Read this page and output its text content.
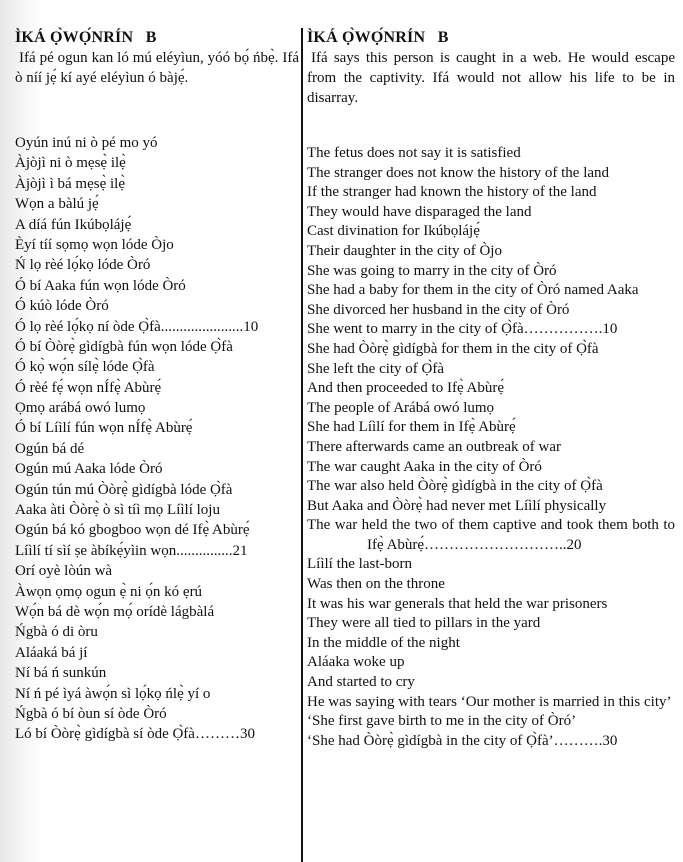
ÌKÁ Ọ̀WỌ́NRÍN   B

Ifá pé ogun kan ló mú eléyìun, yóó bọ́ ńbẹ̀. Ifá ò níí jẹ́ kí ayé eléyìun ó bàjẹ́.

ÌKÁ Ọ̀WỌ́NRÍN   B

Ifá says this person is caught in a web. He would escape from the captivity. Ifá would not allow his life to be in disarray.

Oyún inú ni ò pé mo yó
Àjòjì ni ò mẹsẹ̀ ilẹ̀
Àjòjì ì bá mẹsẹ̀ ilẹ̀
Wọn a bàlú jẹ́
A díá fún Ikúbọlájẹ́
Èyí tíí sọmọ wọn lóde Òjo
Ń lọ rèé lọ́kọ lóde Òró
Ó bí Aaka fún wọn lóde Òró
Ó kúò lóde Òró
Ó lọ rèé lọ́kọ ní òde Ọ̀fà......................10
Ó bí Òòrẹ̀ gìdígbà fún wọn lóde Ọ̀fà
Ó kọ̀ wọ́n sílẹ̀ lóde Ọ̀fà
Ó rèé fẹ́ wọn nÍfẹ̀ Abùrẹ́
Ọmọ arábá owó lumọ
Ó bí Líìlí fún wọn nÍfẹ̀ Abùrẹ́
Ogún bá dé
Ogún mú Aaka lóde Òró
Ogún tún mú Òòrẹ̀ gìdígbà lóde Ọ̀fà
Aaka àti Òòrẹ̀ ò sì tíì mọ Líìlí loju
Ogún bá kó gbogboo wọn dé Ifẹ̀ Abùrẹ́
Líìlí tí sìí ṣe àbíkẹ́yìin wọn...............21
Orí oyè lòún wà
Àwọn ọmọ ogun ẹ̀ ni ọ́n kó ẹrú
Wọ́n bá dè wọ́n mọ́ orídè lágbàlá
Ńgbà ó di òru
Aláaká bá jí
Ní bá ń sunkún
Ní ń pé ìyá àwọ́n sì lọ́kọ ńlẹ̀ yí o
Ńgbà ó bí òun sí òde Òró
Ló bí Òòrẹ̀ gìdígbà sí òde Ọ̀fà………30
The fetus does not say it is satisfied
The stranger does not know the history of the land
If the stranger had known the history of the land
They would have disparaged the land
Cast divination for Ikúbọlájẹ́
Their daughter in the city of Òjo
She was going to marry in the city of Òró
She had a baby for them in the city of Òró named Aaka
She divorced her husband in the city of Òró
She went to marry in the city of Ọ̀fà…………….10
She had Òòrẹ̀ gìdígbà for them in the city of Ọ̀fà
She left the city of Ọ̀fà
And then proceeded to Ifẹ̀ Abùrẹ́
The people of Arábá owó lumọ
She had Líìlí for them in Ifẹ̀ Abùrẹ́
There afterwards came an outbreak of war
The war caught Aaka in the city of Òró
The war also held Òòrẹ̀ gìdígbà in the city of Ọ̀fà
But Aaka and Òòrẹ̀ had never met Líìlí physically
The war held the two of them captive and took them both to Ifẹ̀ Abùrẹ́………………………..20
Líìlí the last-born
Was then on the throne
It was his war generals that held the war prisoners
They were all tied to pillars in the yard
In the middle of the night
Aláaka woke up
And started to cry
He was saying with tears ‘Our mother is married in this city’
‘She first gave birth to me in the city of Òró’
‘She had Òòrẹ̀ gìdígbà in the city of Ọ̀fà’……….30
